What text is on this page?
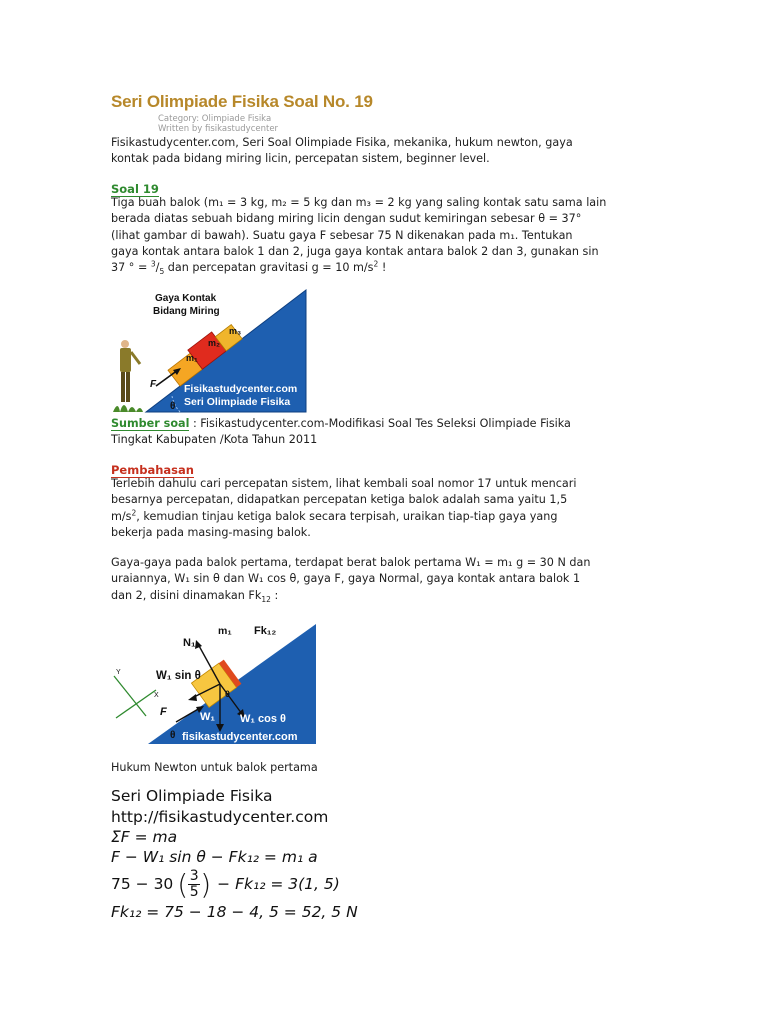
Seri Olimpiade Fisika Soal No. 19
Category: Olimpiade Fisika
Written by fisikastudycenter
Fisikastudycenter.com, Seri Soal Olimpiade Fisika, mekanika, hukum newton, gaya
kontak pada bidang miring licin, percepatan sistem, beginner level.
Soal 19
Tiga buah balok (m₁ = 3 kg, m₂ = 5 kg dan m₃ = 2 kg yang saling kontak satu sama lain
berada diatas sebuah bidang miring licin dengan sudut kemiringan sebesar θ = 37°
(lihat gambar di bawah). Suatu gaya F sebesar 75 N dikenakan pada m₁. Tentukan
gaya kontak antara balok 1 dan 2, juga gaya kontak antara balok 2 dan 3, gunakan sin
37 ° = $^3/_5$ dan percepatan gravitasi g = 10 $m/s^2$ !
m₁
m₂
m₃
Gaya Kontak
Bidang Miring
F
θ
Fisikastudycenter.com
Seri Olimpiade Fisika
Sumber soal : Fisikastudycenter.com-Modifikasi Soal Tes Seleksi Olimpiade Fisika
Tingkat Kabupaten /Kota Tahun 2011
Pembahasan
Terlebih dahulu cari percepatan sistem, lihat kembali soal nomor 17 untuk mencari
besarnya percepatan, didapatkan percepatan ketiga balok adalah sama yaitu 1,5
$m/s^2$, kemudian tinjau ketiga balok secara terpisah, uraikan tiap-tiap gaya yang
bekerja pada masing-masing balok.
Gaya-gaya pada balok pertama, terdapat berat balok pertama W₁ = m₁ g = 30 N dan
uraiannya, W₁ sin θ dan W₁ cos θ, gaya F, gaya Normal, gaya kontak antara balok 1
dan 2, disini dinamakan $Fk_{12}$ :
Y
X
m₁ Fk₁₂
N₁
W₁ sin θ
θ
F	W₁ W₁ cos θ
θ fisikastudycenter.com
Hukum Newton untuk balok pertama
Seri Olimpiade Fisika
http://fisikastudycenter.com
ΣF = ma
F − W₁ sin θ − Fk₁₂ = m₁ a
75 − 30 ( 3
5 ) − Fk₁₂ = 3(1, 5)
Fk₁₂ = 75 − 18 − 4, 5 = 52, 5 N
